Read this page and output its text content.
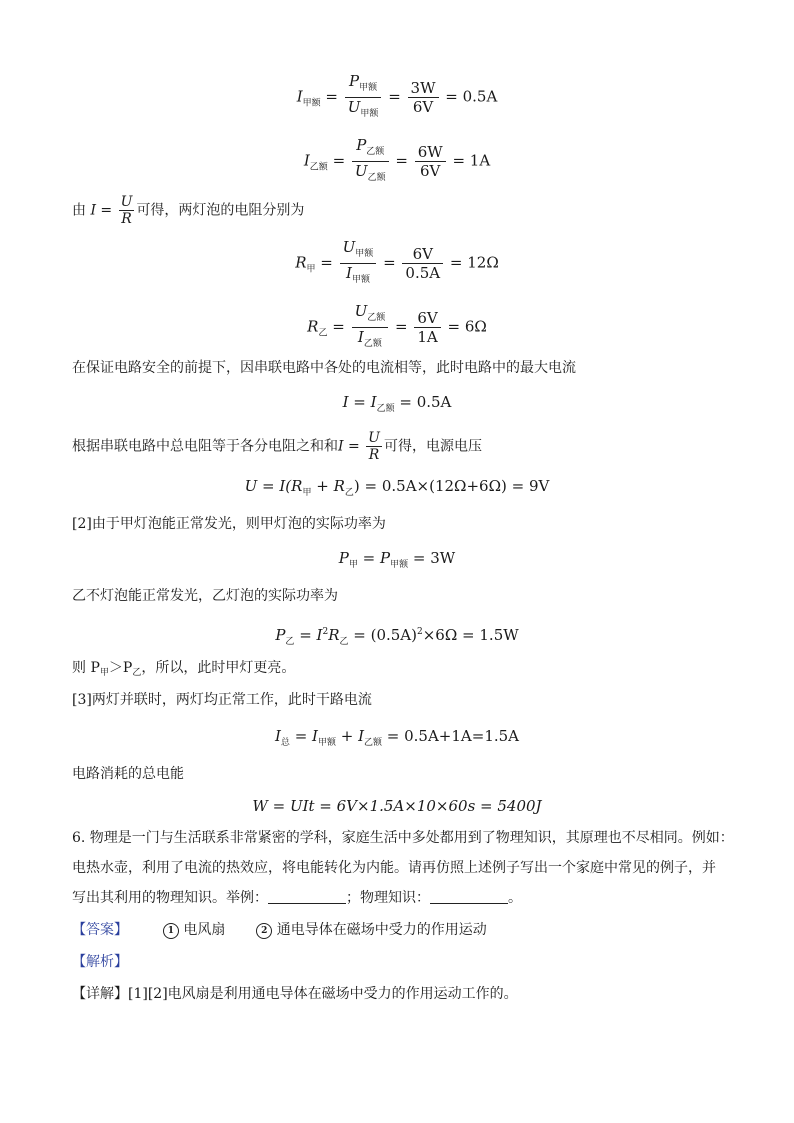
$I_{甲额} = \frac{P_{甲额}}{U_{甲额}} = \frac{3W}{6V} = 0.5A$
$I_{乙额} = \frac{P_{乙额}}{U_{乙额}} = \frac{6W}{6V} = 1A$
由 $I = \frac{U}{R}$ 可得，两灯泡的电阻分别为
$R_甲 = \frac{U_{甲额}}{I_{甲额}} = \frac{6V}{0.5A} = 12\Omega$
$R_乙 = \frac{U_{乙额}}{I_{乙额}} = \frac{6V}{1A} = 6\Omega$
在保证电路安全的前提下，因串联电路中各处的电流相等，此时电路中的最大电流
$I = I_{乙额} = 0.5A$
根据串联电路中总电阻等于各分电阻之和和$I = \frac{U}{R}$ 可得，电源电压
$U = I(R_甲 + R_乙) = 0.5A\times(12\Omega+6\Omega) = 9V$
[2]由于甲灯泡能正常发光，则甲灯泡的实际功率为
$P_甲 = P_{甲额} = 3W$
乙不灯泡能正常发光，乙灯泡的实际功率为
$P_乙 = I^2R_乙 = (0.5A)^2\times 6\Omega = 1.5W$
则 $P_甲>P_乙$，所以，此时甲灯更亮。
[3]两灯并联时，两灯均正常工作，此时干路电流
$I_总 = I_{甲额} + I_{乙额} = 0.5A+1A=1.5A$
电路消耗的总电能
W = UIt = 6V×1.5A×10×60s = 5400J
6. 物理是一门与生活联系非常紧密的学科，家庭生活中多处都用到了物理知识，其原理也不尽相同。例如：
电热水壶，利用了电流的热效应，将电能转化为内能。请再仿照上述例子写出一个家庭中常见的例子，并
写出其利用的物理知识。举例：	；物理知识：	。
【答案】	1 电风扇	2 通电导体在磁场中受力的作用运动
【解析】
【详解】[1][2]电风扇是利用通电导体在磁场中受力的作用运动工作的。
